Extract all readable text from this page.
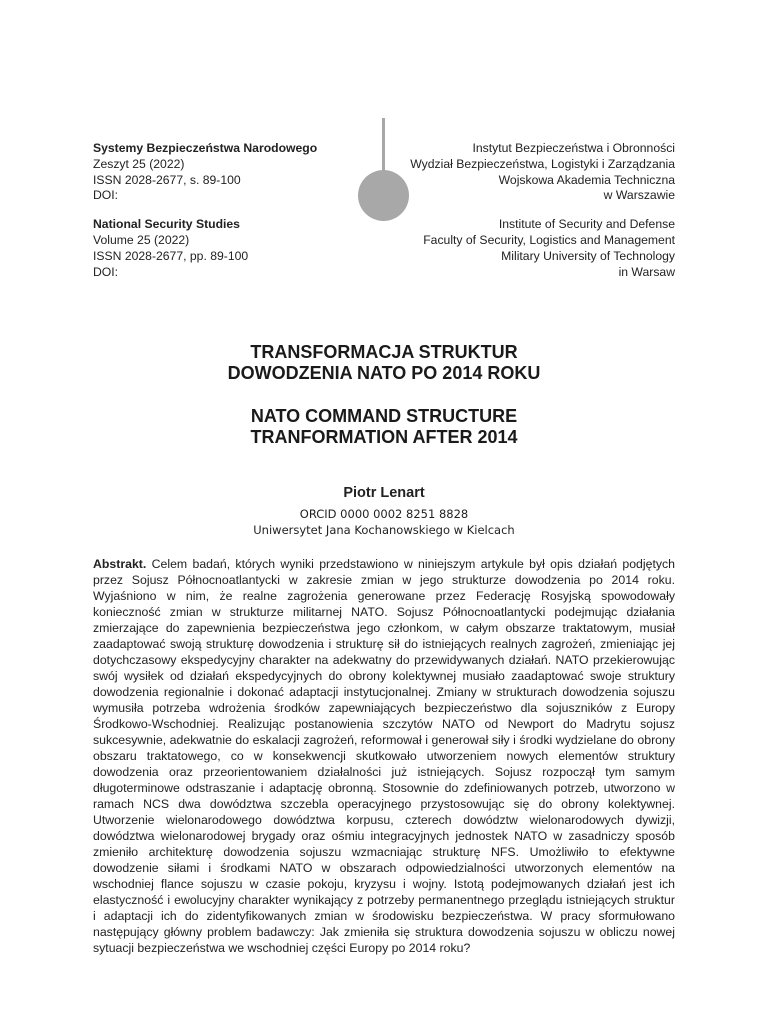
Systemy Bezpieczeństwa Narodowego
Zeszyt 25 (2022)
ISSN 2028-2677, s. 89-100
DOI:
National Security Studies
Volume 25 (2022)
ISSN 2028-2677, pp. 89-100
DOI:
Instytut Bezpieczeństwa i Obronności
Wydział Bezpieczeństwa, Logistyki i Zarządzania
Wojskowa Akademia Techniczna
w Warszawie
Institute of Security and Defense
Faculty of Security, Logistics and Management
Military University of Technology
in Warsaw
TRANSFORMACJA STRUKTUR
DOWODZENIA NATO PO 2014 ROKU
NATO COMMAND STRUCTURE
TRANFORMATION AFTER 2014
Piotr Lenart
ORCID 0000 0002 8251 8828
Uniwersytet Jana Kochanowskiego w Kielcach
Abstrakt. Celem badań, których wyniki przedstawiono w niniejszym artykule był opis działań podjętych przez Sojusz Północnoatlantycki w zakresie zmian w jego strukturze dowodzenia po 2014 roku. Wyjaśniono w nim, że realne zagrożenia generowane przez Federację Rosyjską spowodowały konieczność zmian w strukturze militarnej NATO. Sojusz Północnoatlantycki podejmując działania zmierzające do zapewnienia bezpieczeństwa jego członkom, w całym obszarze traktatowym, musiał zaadaptować swoją strukturę dowodzenia i strukturę sił do istniejących realnych zagrożeń, zmieniając jej dotychczasowy ekspedycyjny charakter na adekwatny do przewidywanych działań. NATO przekierowując swój wysiłek od działań ekspedycyjnych do obrony kolektywnej musiało zaadaptować swoje struktury dowodzenia regionalnie i dokonać adaptacji instytucjonalnej. Zmiany w strukturach dowodzenia sojuszu wymusiła potrzeba wdrożenia środków zapewniających bezpieczeństwo dla sojuszników z Europy Środkowo-Wschodniej. Realizując postanowienia szczytów NATO od Newport do Madrytu sojusz sukcesywnie, adekwatnie do eskalacji zagrożeń, reformował i generował siły i środki wydzielane do obrony obszaru traktatowego, co w konsekwencji skutkowało utworzeniem nowych elementów struktury dowodzenia oraz przeorientowaniem działalności już istniejących. Sojusz rozpoczął tym samym długoterminowe odstraszanie i adaptację obronną. Stosownie do zdefiniowanych potrzeb, utworzono w ramach NCS dwa dowództwa szczebla operacyjnego przystosowując się do obrony kolektywnej. Utworzenie wielonarodowego dowództwa korpusu, czterech dowództw wielonarodowych dywizji, dowództwa wielonarodowej brygady oraz ośmiu integracyjnych jednostek NATO w zasadniczy sposób zmieniło architekturę dowodzenia sojuszu wzmacniając strukturę NFS. Umożliwiło to efektywne dowodzenie siłami i środkami NATO w obszarach odpowiedzialności utworzonych elementów na wschodniej flance sojuszu w czasie pokoju, kryzysu i wojny. Istotą podejmowanych działań jest ich elastyczność i ewolucyjny charakter wynikający z potrzeby permanentnego przeglądu istniejących struktur i adaptacji ich do zidentyfikowanych zmian w środowisku bezpieczeństwa. W pracy sformułowano następujący główny problem badawczy: Jak zmieniła się struktura dowodzenia sojuszu w obliczu nowej sytuacji bezpieczeństwa we wschodniej części Europy po 2014 roku?
